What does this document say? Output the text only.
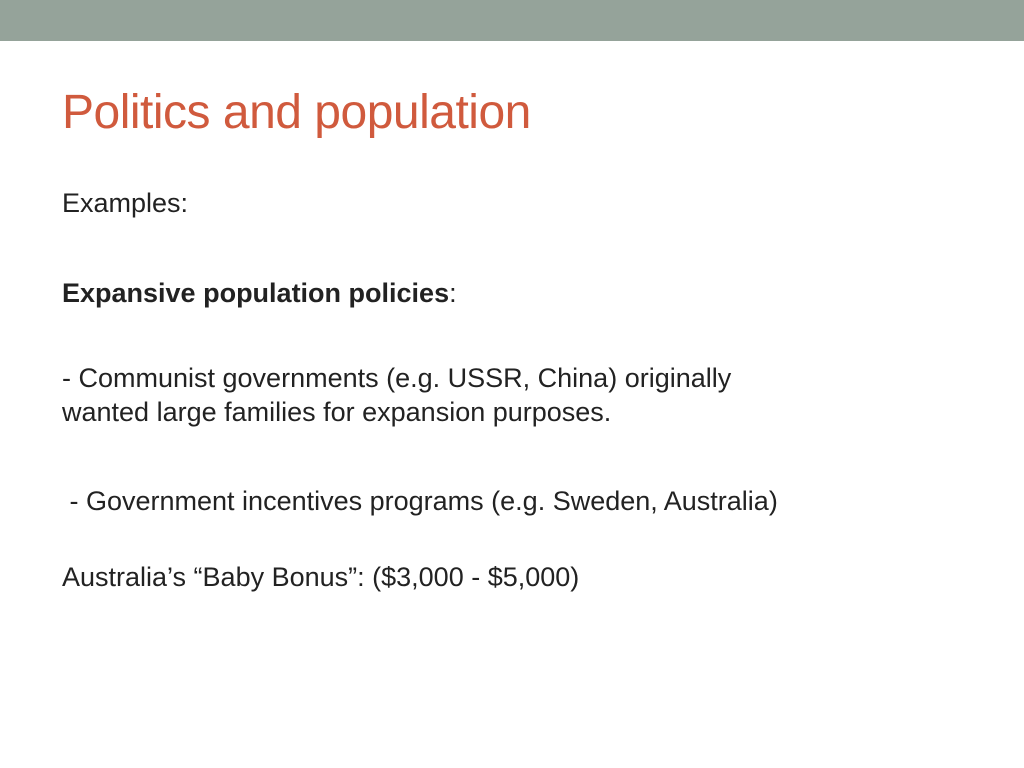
Politics and population

Examples:

Expansive population policies:

- Communist governments (e.g. USSR, China) originally
wanted large families for expansion purposes.

- Government incentives programs (e.g. Sweden, Australia)

Australia’s “Baby Bonus”: ($3,000 - $5,000)
